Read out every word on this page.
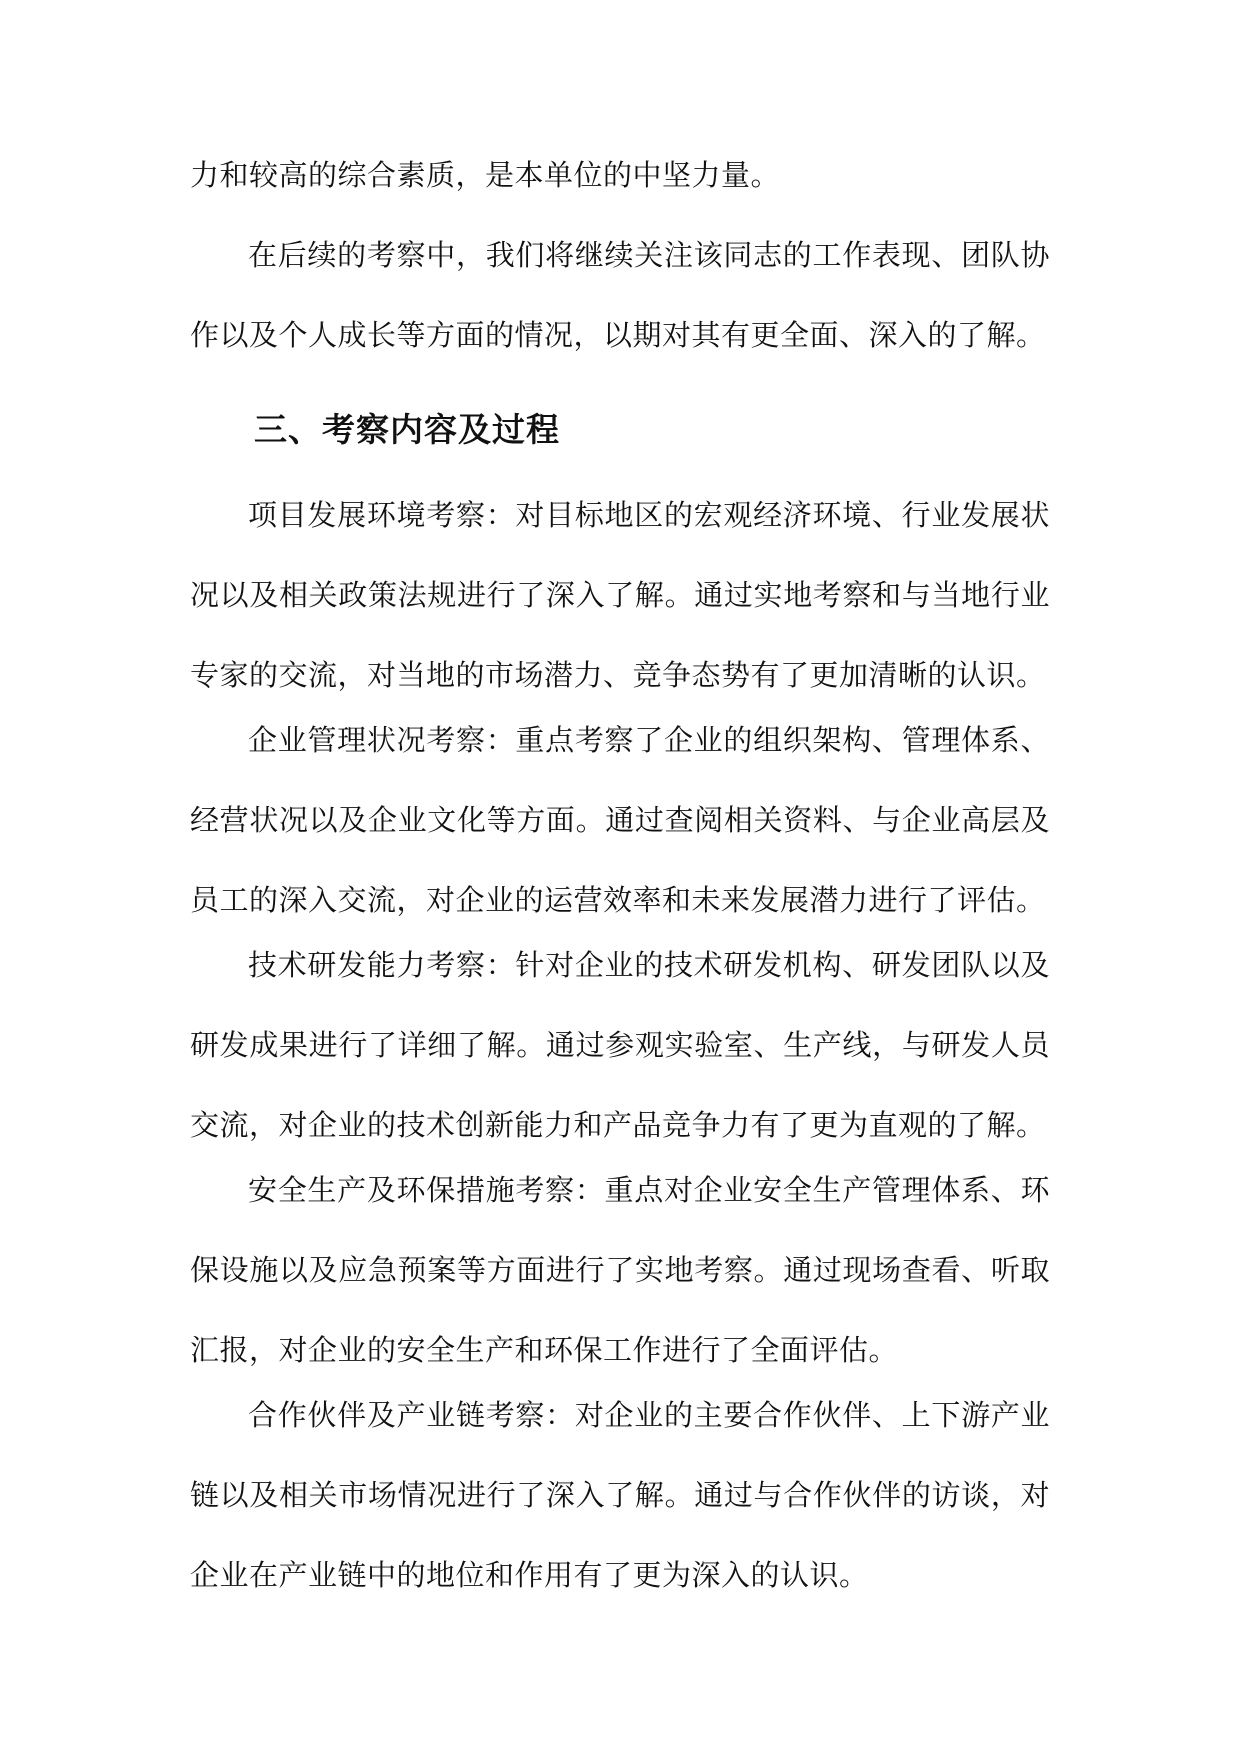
力和较高的综合素质，是本单位的中坚力量。

在后续的考察中，我们将继续关注该同志的工作表现、团队协作以及个人成长等方面的情况，以期对其有更全面、深入的了解。

三、考察内容及过程

项目发展环境考察：对目标地区的宏观经济环境、行业发展状况以及相关政策法规进行了深入了解。通过实地考察和与当地行业专家的交流，对当地的市场潜力、竞争态势有了更加清晰的认识。

企业管理状况考察：重点考察了企业的组织架构、管理体系、经营状况以及企业文化等方面。通过查阅相关资料、与企业高层及员工的深入交流，对企业的运营效率和未来发展潜力进行了评估。

技术研发能力考察：针对企业的技术研发机构、研发团队以及研发成果进行了详细了解。通过参观实验室、生产线，与研发人员交流，对企业的技术创新能力和产品竞争力有了更为直观的了解。

安全生产及环保措施考察：重点对企业安全生产管理体系、环保设施以及应急预案等方面进行了实地考察。通过现场查看、听取汇报，对企业的安全生产和环保工作进行了全面评估。

合作伙伴及产业链考察：对企业的主要合作伙伴、上下游产业链以及相关市场情况进行了深入了解。通过与合作伙伴的访谈，对企业在产业链中的地位和作用有了更为深入的认识。
